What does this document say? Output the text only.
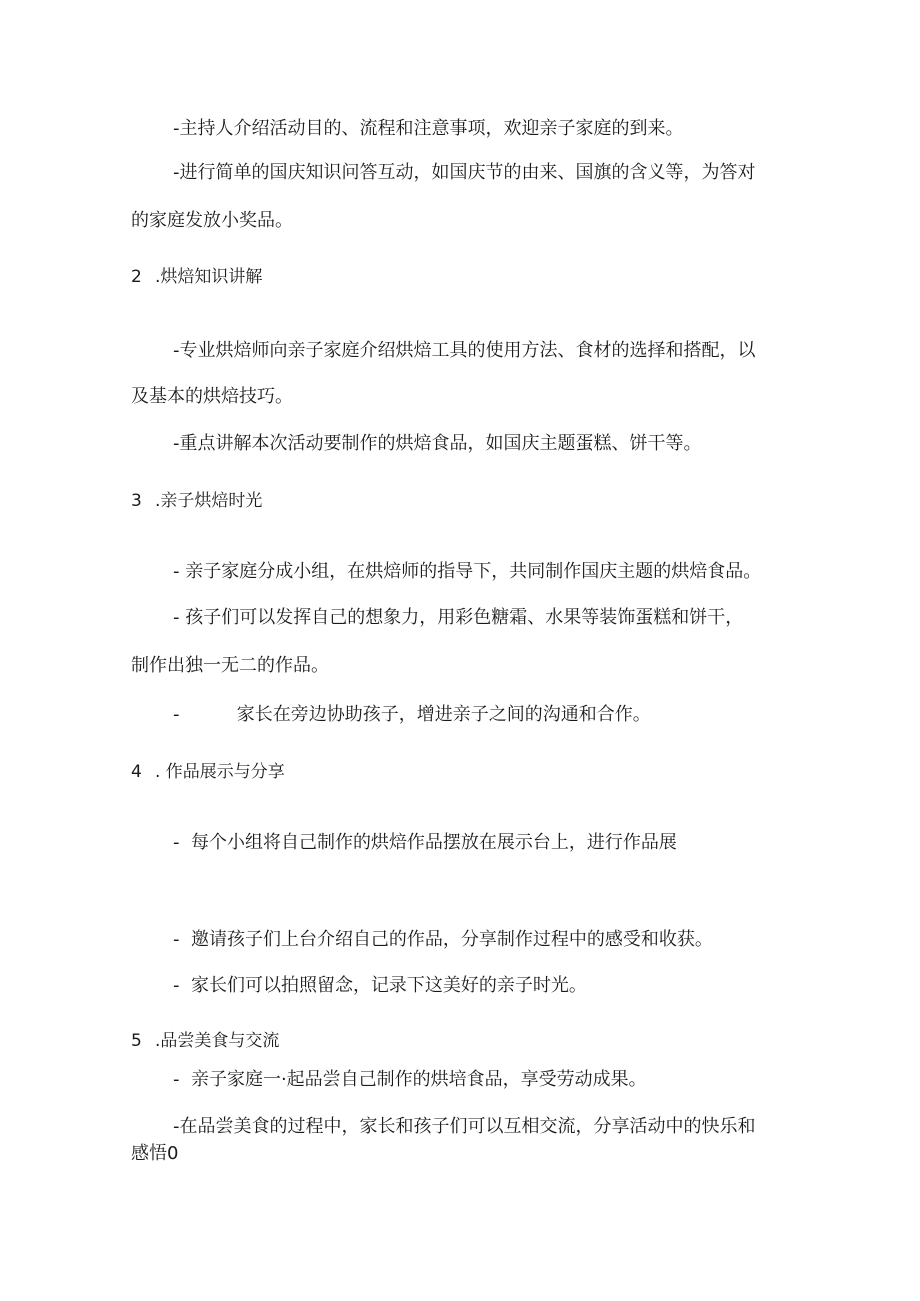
-主持人介绍活动目的、流程和注意事项，欢迎亲子家庭的到来。
-进行简单的国庆知识问答互动，如国庆节的由来、国旗的含义等，为答对
的家庭发放小奖品。
2 .烘焙知识讲解
-专业烘焙师向亲子家庭介绍烘焙工具的使用方法、食材的选择和搭配，以
及基本的烘焙技巧。
-重点讲解本次活动要制作的烘焙食品，如国庆主题蛋糕、饼干等。
3 .亲子烘焙时光
- 亲子家庭分成小组，在烘焙师的指导下，共同制作国庆主题的烘焙食品。
- 孩子们可以发挥自己的想象力，用彩色糖霜、水果等装饰蛋糕和饼干，
制作出独一无二的作品。
-          家长在旁边协助孩子，增进亲子之间的沟通和合作。
4 . 作品展示与分享
-  每个小组将自己制作的烘焙作品摆放在展示台上，进行作品展
-  邀请孩子们上台介绍自己的作品，分享制作过程中的感受和收获。
-  家长们可以拍照留念，记录下这美好的亲子时光。
5 .品尝美食与交流
-  亲子家庭一·起品尝自己制作的烘培食品，享受劳动成果。
-在品尝美食的过程中，家长和孩子们可以互相交流，分享活动中的快乐和
感悟0
